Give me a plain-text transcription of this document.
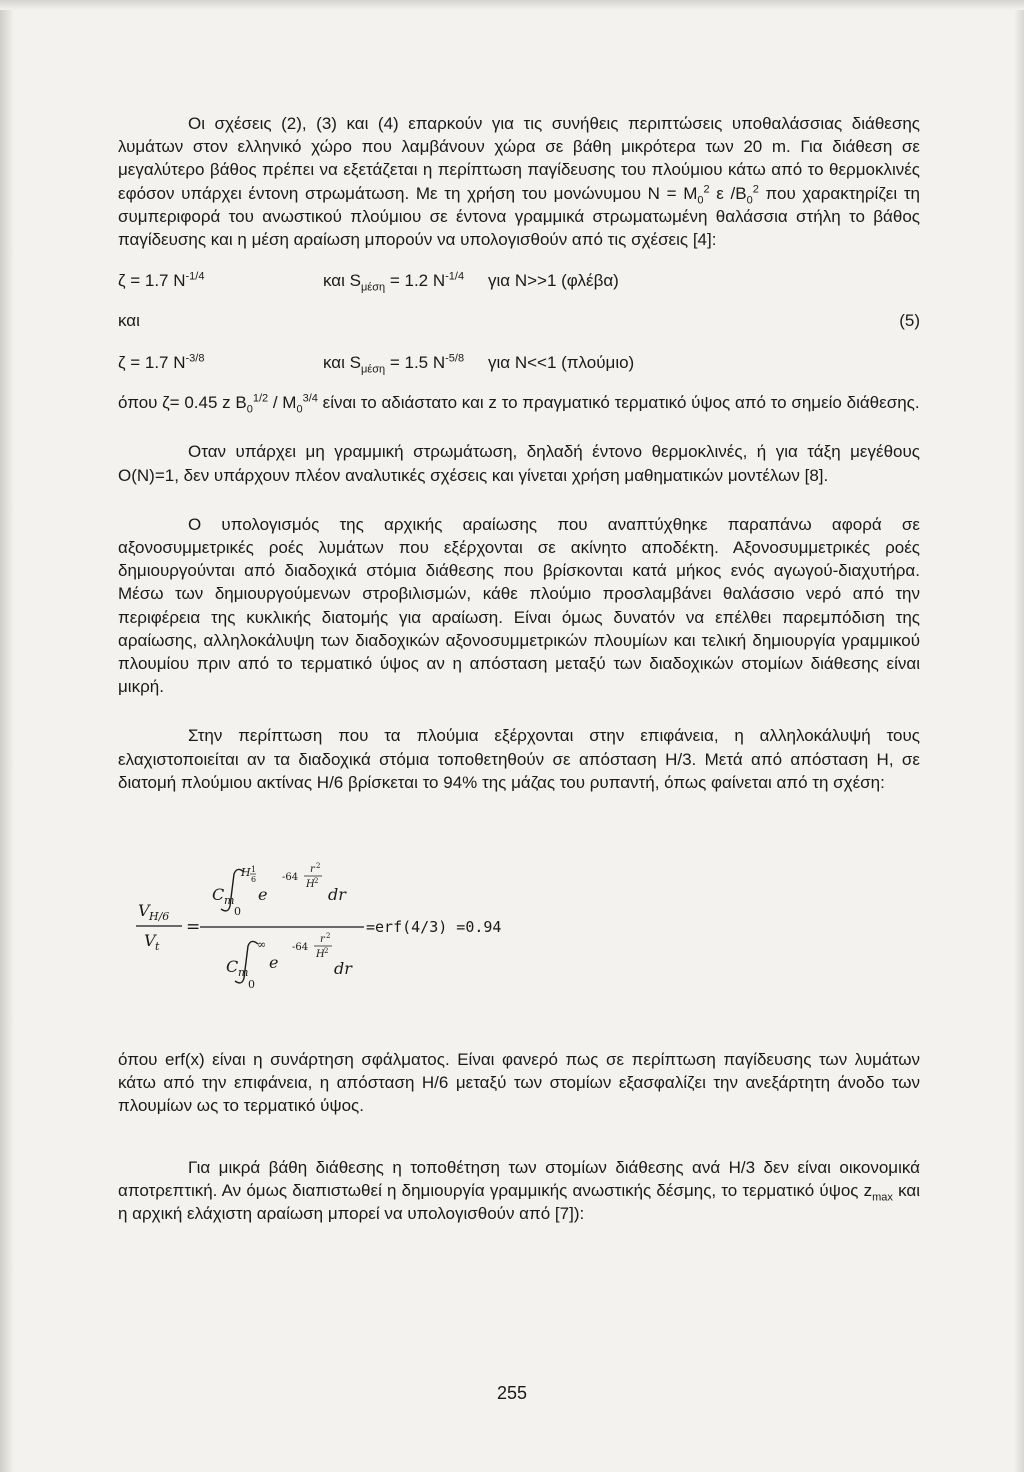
Οι σχέσεις (2), (3) και (4) επαρκούν για τις συνήθεις περιπτώσεις υποθαλάσσιας διάθεσης λυμάτων στον ελληνικό χώρο που λαμβάνουν χώρα σε βάθη μικρότερα των 20 m. Για διάθεση σε μεγαλύτερο βάθος πρέπει να εξετάζεται η περίπτωση παγίδευσης του πλούμιου κάτω από το θερμοκλινές εφόσον υπάρχει έντονη στρωμάτωση. Με τη χρήση του μονώνυμου $N = M_0^2$ ε $/B_0^2$ που χαρακτηρίζει τη συμπεριφορά του ανωστικού πλούμιου σε έντονα γραμμικά στρωματωμένη θαλάσσια στήλη το βάθος παγίδευσης και η μέση αραίωση μπορούν να υπολογισθούν από τις σχέσεις [4]:

ζ = 1.7 $N^{-1/4}$	και $S_{\mu έ\sigma\eta} = 1.2$ $N^{-1/4}$	για N>>1 (φλέβα)
και	(5)
ζ = 1.7 $N^{-3/8}$	και $S_{\mu έ\sigma\eta} = 1.5$ $N^{-5/8}$	για N<<1 (πλούμιο)

όπου ζ= 0.45 z $B_0^{1/2} / M_0^{3/4}$ είναι το αδιάστατο και z το πραγματικό τερματικό ύψος από το σημείο διάθεσης.

Οταν υπάρχει μη γραμμική στρωμάτωση, δηλαδή έντονο θερμοκλινές, ή για τάξη μεγέθους O(N)=1, δεν υπάρχουν πλέον αναλυτικές σχέσεις και γίνεται χρήση μαθηματικών μοντέλων [8].

Ο υπολογισμός της αρχικής αραίωσης που αναπτύχθηκε παραπάνω αφορά σε αξονοσυμμετρικές ροές λυμάτων που εξέρχονται σε ακίνητο αποδέκτη. Αξονοσυμμετρικές ροές δημιουργούνται από διαδοχικά στόμια διάθεσης που βρίσκονται κατά μήκος ενός αγωγού-διαχυτήρα. Μέσω των δημιουργούμενων στροβιλισμών, κάθε πλούμιο προσλαμβάνει θαλάσσιο νερό από την περιφέρεια της κυκλικής διατομής για αραίωση. Είναι όμως δυνατόν να επέλθει παρεμπόδιση της αραίωσης, αλληλοκάλυψη των διαδοχικών αξονοσυμμετρικών πλουμίων και τελική δημιουργία γραμμικού πλουμίου πριν από το τερματικό ύψος αν η απόσταση μεταξύ των διαδοχικών στομίων διάθεσης είναι μικρή.

Στην περίπτωση που τα πλούμια εξέρχονται στην επιφάνεια, η αλληλοκάλυψή τους ελαχιστοποιείται αν τα διαδοχικά στόμια τοποθετηθούν σε απόσταση H/3. Μετά από απόσταση H, σε διατομή πλούμιου ακτίνας H/6 βρίσκεται το 94% της μάζας του ρυπαντή, όπως φαίνεται από τη σχέση:

V H/6
V t
=
C m
H 1
6
0
e
-64
r 2
H 2
dr
C m
∞
0
e
-64
r 2
H 2
dr
=erf(4/3) =0.94

όπου erf(x) είναι η συνάρτηση σφάλματος. Είναι φανερό πως σε περίπτωση παγίδευσης των λυμάτων κάτω από την επιφάνεια, η απόσταση H/6 μεταξύ των στομίων εξασφαλίζει την ανεξάρτητη άνοδο των πλουμίων ως το τερματικό ύψος.

Για μικρά βάθη διάθεσης η τοποθέτηση των στομίων διάθεσης ανά H/3 δεν είναι οικονομικά αποτρεπτική. Αν όμως διαπιστωθεί η δημιουργία γραμμικής ανωστικής δέσμης, το τερματικό ύψος $z_{max}$ και η αρχική ελάχιστη αραίωση μπορεί να υπολογισθούν από [7]):

255
